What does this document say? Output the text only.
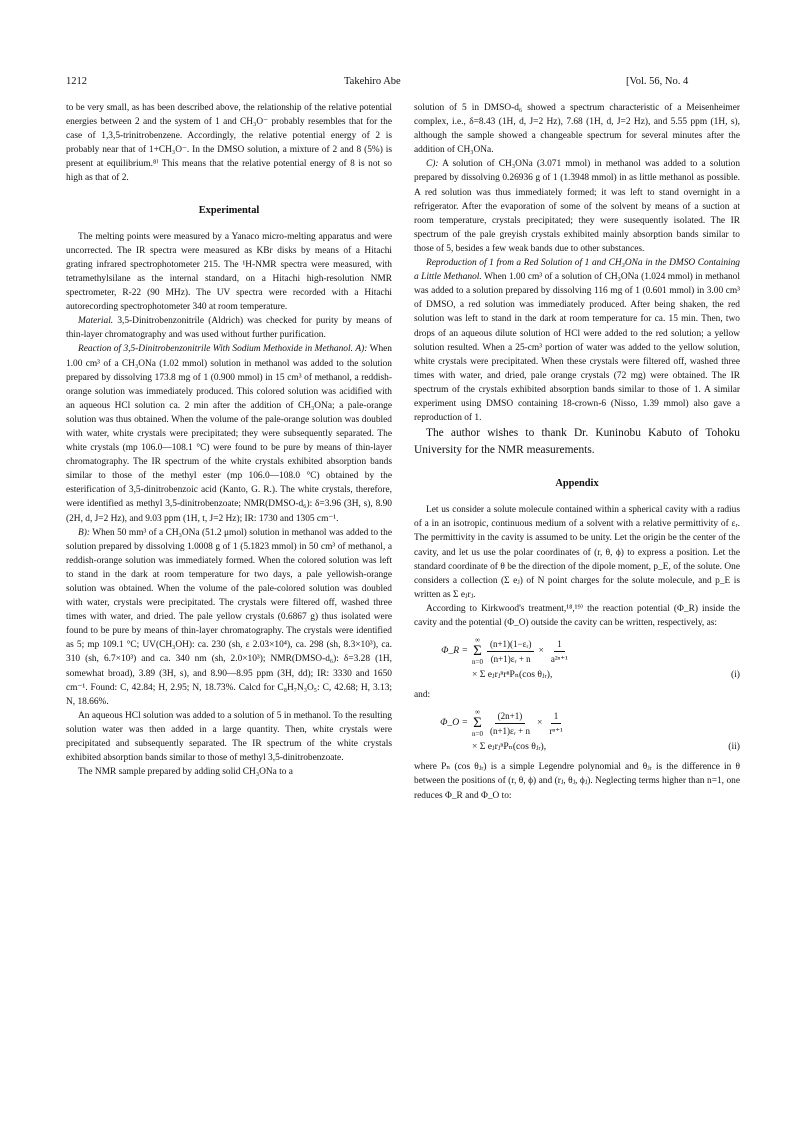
1212	Takehiro Abe	[Vol. 56, No. 4

to be very small, as has been described above, the relationship of the relative potential energies between 2 and the system of 1 and CH₃O⁻ probably resembles that for the case of 1,3,5-trinitrobenzene. Accordingly, the relative potential energy of 2 is probably near that of 1+CH₃O⁻. In the DMSO solution, a mixture of 2 and 8 (5%) is present at equilibrium.⁸⁾ This means that the relative potential energy of 8 is not so high as that of 2.

Experimental

The melting points were measured by a Yanaco micro-melting apparatus and were uncorrected. The IR spectra were measured as KBr disks by means of a Hitachi grating infrared spectrophotometer 215. The ¹H-NMR spectra were measured, with tetramethylsilane as the internal standard, on a Hitachi high-resolution NMR spectrometer, R-22 (90 MHz). The UV spectra were recorded with a Hitachi autorecording spectrophotometer 340 at room temperature.

Material. 3,5-Dinitrobenzonitrile (Aldrich) was checked for purity by means of thin-layer chromatography and was used without further purification.

Reaction of 3,5-Dinitrobenzonitrile With Sodium Methoxide in Methanol. A): When 1.00 cm³ of a CH₃ONa (1.02 mmol) solution in methanol was added to the solution prepared by dissolving 173.8 mg of 1 (0.900 mmol) in 15 cm³ of methanol, a reddish-orange solution was immediately produced. This colored solution was acidified with an aqueous HCl solution ca. 2 min after the addition of CH₃ONa; a pale-orange solution was thus obtained. When the volume of the pale-orange solution was doubled with water, white crystals were precipitated; they were subsequently separated. The white crystals (mp 106.0—108.1 °C) were found to be pure by means of thin-layer chromatography. The IR spectrum of the white crystals exhibited absorption bands similar to those of the methyl ester (mp 106.0—108.0 °C) obtained by the esterification of 3,5-dinitrobenzoic acid (Kanto, G. R.). The white crystals, therefore, were identified as methyl 3,5-dinitrobenzoate; NMR(DMSO-d₆): δ=3.96 (3H, s), 8.90 (2H, d, J=2 Hz), and 9.03 ppm (1H, t, J=2 Hz); IR: 1730 and 1305 cm⁻¹.

B): When 50 mm³ of a CH₃ONa (51.2 μmol) solution in methanol was added to the solution prepared by dissolving 1.0008 g of 1 (5.1823 mmol) in 50 cm³ of methanol, a reddish-orange solution was immediately formed. When the colored solution was left to stand in the dark at room temperature for two days, a pale yellowish-orange solution was obtained. When the volume of the pale-colored solution was doubled with water, crystals were precipitated. The crystals were filtered off, washed three times with water, and dried. The pale yellow crystals (0.6867 g) thus isolated were found to be pure by means of thin-layer chromatography. The crystals were identified as 5; mp 109.1 °C; UV(CH₃OH): ca. 230 (sh, ε 2.03×10⁴), ca. 298 (sh, 8.3×10³), ca. 310 (sh, 6.7×10³) and ca. 340 nm (sh, 2.0×10³); NMR(DMSO-d₆): δ=3.28 (1H, somewhat broad), 3.89 (3H, s), and 8.90—8.95 ppm (3H, dd); IR: 3330 and 1650 cm⁻¹. Found: C, 42.84; H, 2.95; N, 18.73%. Calcd for C₈H₇N₃O₅: C, 42.68; H, 3.13; N, 18.66%.

An aqueous HCl solution was added to a solution of 5 in methanol. To the resulting solution water was then added in a large quantity. Then, white crystals were precipitated and subsequently separated. The IR spectrum of the white crystals exhibited absorption bands similar to those of methyl 3,5-dinitrobenzoate.

The NMR sample prepared by adding solid CH₃ONa to a

solution of 5 in DMSO-d₆ showed a spectrum characteristic of a Meisenheimer complex, i.e., δ=8.43 (1H, d, J=2 Hz), 7.68 (1H, d, J=2 Hz), and 5.55 ppm (1H, s), although the sample showed a changeable spectrum for several minutes after the addition of CH₃ONa.

C): A solution of CH₃ONa (3.071 mmol) in methanol was added to a solution prepared by dissolving 0.26936 g of 1 (1.3948 mmol) in as little methanol as possible. A red solution was thus immediately formed; it was left to stand overnight in a refrigerator. After the evaporation of some of the solvent by means of a suction at room temperature, crystals precipitated; they were susequently isolated. The IR spectrum of the pale greyish crystals exhibited mainly absorption bands similar to those of 5, besides a few weak bands due to other substances.

Reproduction of 1 from a Red Solution of 1 and CH₃ONa in the DMSO Containing a Little Methanol. When 1.00 cm³ of a solution of CH₃ONa (1.024 mmol) in methanol was added to a solution prepared by dissolving 116 mg of 1 (0.601 mmol) in 3.00 cm³ of DMSO, a red solution was immediately produced. After being shaken, the red solution was left to stand in the dark at room temperature for ca. 15 min. Then, two drops of an aqueous dilute solution of HCl were added to the red solution; a yellow solution resulted. When a 25-cm³ portion of water was added to the yellow solution, white crystals were precipitated. When these crystals were filtered off, washed three times with water, and dried, pale orange crystals (72 mg) were obtained. The IR spectrum of the crystals exhibited absorption bands similar to those of 1. A similar experiment using DMSO containing 18-crown-6 (Nisso, 1.39 mmol) also gave a reproduction of 1.

The author wishes to thank Dr. Kuninobu Kabuto of Tohoku University for the NMR measurements.

Appendix

Let us consider a solute molecule contained within a spherical cavity with a radius of a in an isotropic, continuous medium of a solvent with a relative permittivity of εᵣ. The permittivity in the cavity is assumed to be unity. Let the origin be the center of the cavity, and let us use the polar coordinates of (r, θ, ϕ) to express a position. Let the standard coordinate of θ be the direction of the dipole moment, p_E, of the solute. One considers a collection (Σ eⱼ) of N point charges for the solute molecule, and p_E is written as Σ eⱼrⱼ.

According to Kirkwood's treatment,¹⁸,¹⁹⁾ the reaction potential (Φ_R) inside the cavity and the potential (Φ_O) outside the cavity can be written, respectively, as:

Φ_R =
∞
Σ
$n=0 \frac{\text{(n+1)(1−εᵣ)}}{\text{(n+1)εᵣ + n}} \times \frac{1}{\text{a²ⁿ⁺¹}}$
× Σ eⱼrⱼⁿrⁿPₙ(cos θⱼᵣ),	(i)

and:

Φ_O =
∞
Σ
$n=0 \frac{(2n+1)}{\text{(n+1)εᵣ + n}} \times \frac{1}{\text{rⁿ⁺¹}}$
× Σ eⱼrⱼⁿPₙ(cos θⱼᵣ),	(ii)

where Pₙ (cos θⱼᵣ) is a simple Legendre polynomial and θⱼᵣ is the difference in θ between the positions of (r, θ, ϕ) and (rⱼ, θⱼ, ϕⱼ). Neglecting terms higher than n=1, one reduces Φ_R and Φ_O to:
